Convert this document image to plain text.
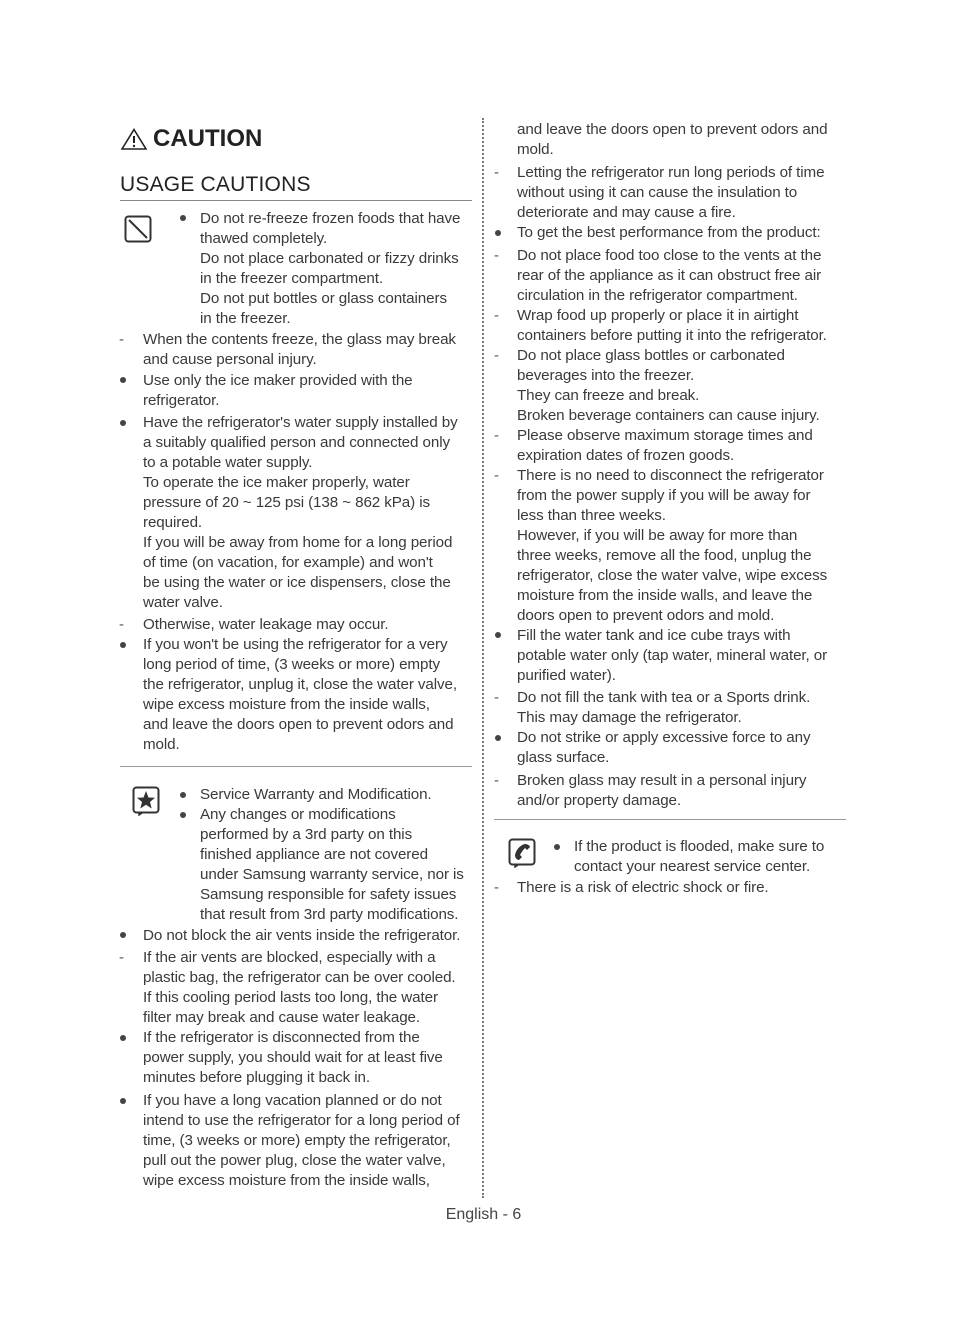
CAUTION
USAGE CAUTIONS
Do not re-freeze frozen foods that have
thawed completely.
Do not place carbonated or fizzy drinks
in the freezer compartment.
Do not put bottles or glass containers
in the freezer.
- When the contents freeze, the glass may break
and cause personal injury.
Use only the ice maker provided with the
refrigerator.
Have the refrigerator's water supply installed by
a suitably qualified person and connected only
to a potable water supply.
To operate the ice maker properly, water
pressure of 20 ~ 125 psi (138 ~ 862 kPa) is
required.
If you will be away from home for a long period
of time (on vacation, for example) and won't
be using the water or ice dispensers, close the
water valve.
- Otherwise, water leakage may occur.
If you won't be using the refrigerator for a very
long period of time, (3 weeks or more) empty
the refrigerator, unplug it, close the water valve,
wipe excess moisture from the inside walls,
and leave the doors open to prevent odors and
mold.
Service Warranty and Modification.
Any changes or modifications
performed by a 3rd party on this
finished appliance are not covered
under Samsung warranty service, nor is
Samsung responsible for safety issues
that result from 3rd party modifications.
Do not block the air vents inside the refrigerator.
- If the air vents are blocked, especially with a
plastic bag, the refrigerator can be over cooled.
If this cooling period lasts too long, the water
filter may break and cause water leakage.
If the refrigerator is disconnected from the
power supply, you should wait for at least five
minutes before plugging it back in.
If you have a long vacation planned or do not
intend to use the refrigerator for a long period of
time, (3 weeks or more) empty the refrigerator,
pull out the power plug, close the water valve,
wipe excess moisture from the inside walls,
and leave the doors open to prevent odors and
mold.
- Letting the refrigerator run long periods of time
without using it can cause the insulation to
deteriorate and may cause a fire.
To get the best performance from the product:
- Do not place food too close to the vents at the
rear of the appliance as it can obstruct free air
circulation in the refrigerator compartment.
- Wrap food up properly or place it in airtight
containers before putting it into the refrigerator.
- Do not place glass bottles or carbonated
beverages into the freezer.
They can freeze and break.
Broken beverage containers can cause injury.
- Please observe maximum storage times and
expiration dates of frozen goods.
- There is no need to disconnect the refrigerator
from the power supply if you will be away for
less than three weeks.
However, if you will be away for more than
three weeks, remove all the food, unplug the
refrigerator, close the water valve, wipe excess
moisture from the inside walls, and leave the
doors open to prevent odors and mold.
Fill the water tank and ice cube trays with
potable water only (tap water, mineral water, or
purified water).
- Do not fill the tank with tea or a Sports drink.
This may damage the refrigerator.
Do not strike or apply excessive force to any
glass surface.
- Broken glass may result in a personal injury
and/or property damage.
If the product is flooded, make sure to
contact your nearest service center.
- There is a risk of electric shock or fire.
English - 6
